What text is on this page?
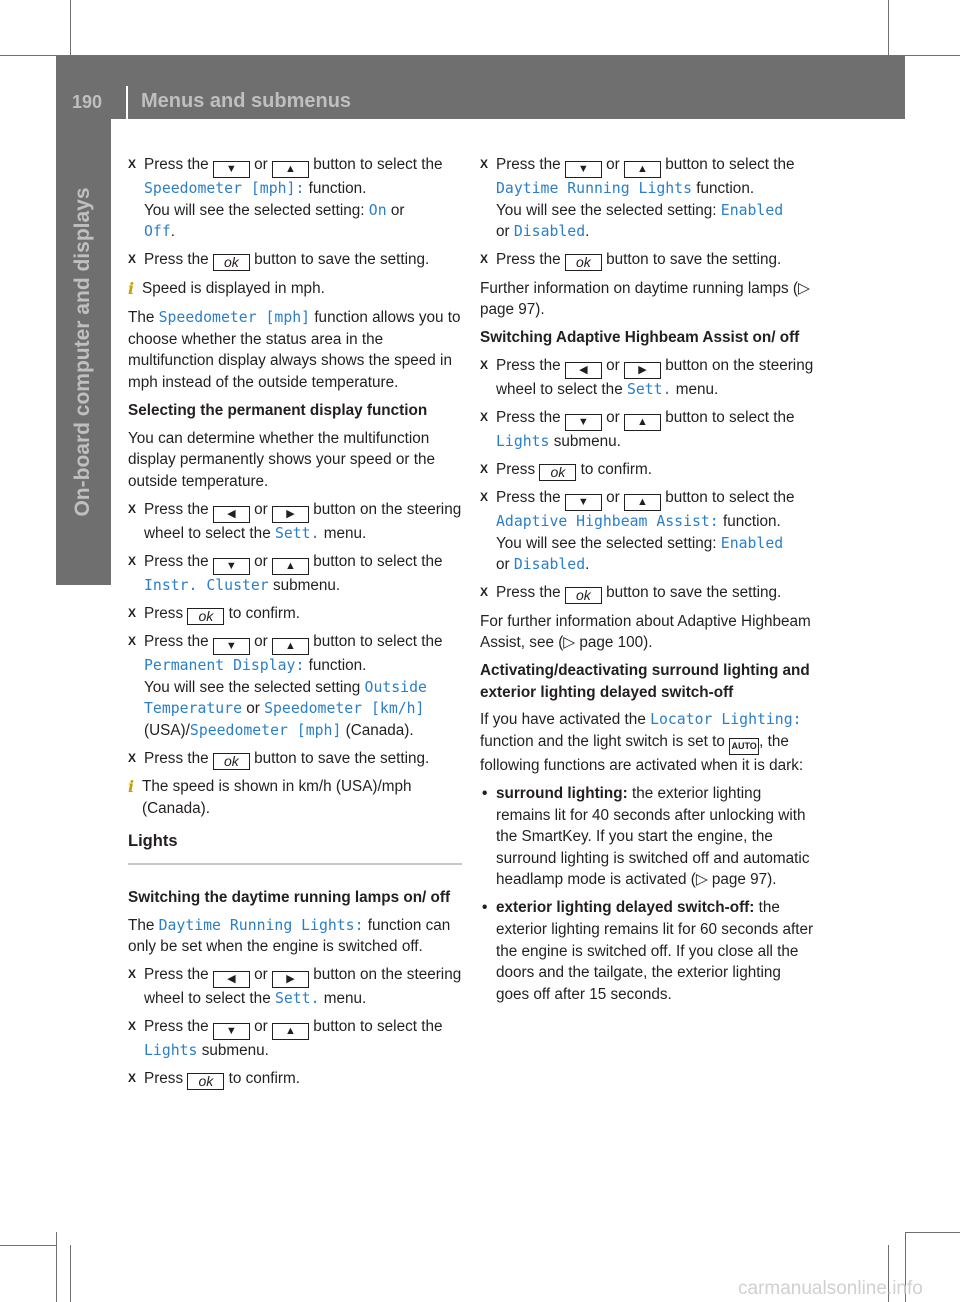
190 Menus and submenus
On-board computer and displays

X Press the ▼ or ▲ button to select the Speedometer [mph]: function.
You will see the selected setting: On or
Off.

X Press the ok button to save the setting.

i Speed is displayed in mph.

The Speedometer [mph] function allows you to choose whether the status area in the multifunction display always shows the speed in mph instead of the outside temperature.

Selecting the permanent display function

You can determine whether the multifunction display permanently shows your speed or the outside temperature.

X Press the ◀ or ▶ button on the steering wheel to select the Sett. menu.

X Press the ▼ or ▲ button to select the Instr. Cluster submenu.

X Press ok to confirm.

X Press the ▼ or ▲ button to select the Permanent Display: function.
You will see the selected setting Outside Temperature or Speedometer [km/h]
(USA)/Speedometer [mph] (Canada).

X Press the ok button to save the setting.

i The speed is shown in km/h (USA)/mph (Canada).

Lights

Switching the daytime running lamps on/ off

The Daytime Running Lights: function can only be set when the engine is switched off.

X Press the ◀ or ▶ button on the steering wheel to select the Sett. menu.

X Press the ▼ or ▲ button to select the Lights submenu.

X Press ok to confirm.

X Press the ▼ or ▲ button to select the Daytime Running Lights function.
You will see the selected setting: Enabled
or Disabled.

X Press the ok button to save the setting.

Further information on daytime running lamps (▷ page 97).

Switching Adaptive Highbeam Assist on/ off

X Press the ◀ or ▶ button on the steering wheel to select the Sett. menu.

X Press the ▼ or ▲ button to select the Lights submenu.

X Press ok to confirm.

X Press the ▼ or ▲ button to select the Adaptive Highbeam Assist: function.
You will see the selected setting: Enabled
or Disabled.

X Press the ok button to save the setting.

For further information about Adaptive Highbeam Assist, see (▷ page 100).

Activating/deactivating surround lighting and exterior lighting delayed switch-off

If you have activated the Locator Lighting: function and the light switch is set to AUTO , the following functions are activated when it is dark:

• surround lighting: the exterior lighting remains lit for 40 seconds after unlocking with the SmartKey. If you start the engine, the surround lighting is switched off and automatic headlamp mode is activated (▷ page 97).

• exterior lighting delayed switch-off: the exterior lighting remains lit for 60 seconds after the engine is switched off. If you close all the doors and the tailgate, the exterior lighting goes off after 15 seconds.

carmanualsonline.info
